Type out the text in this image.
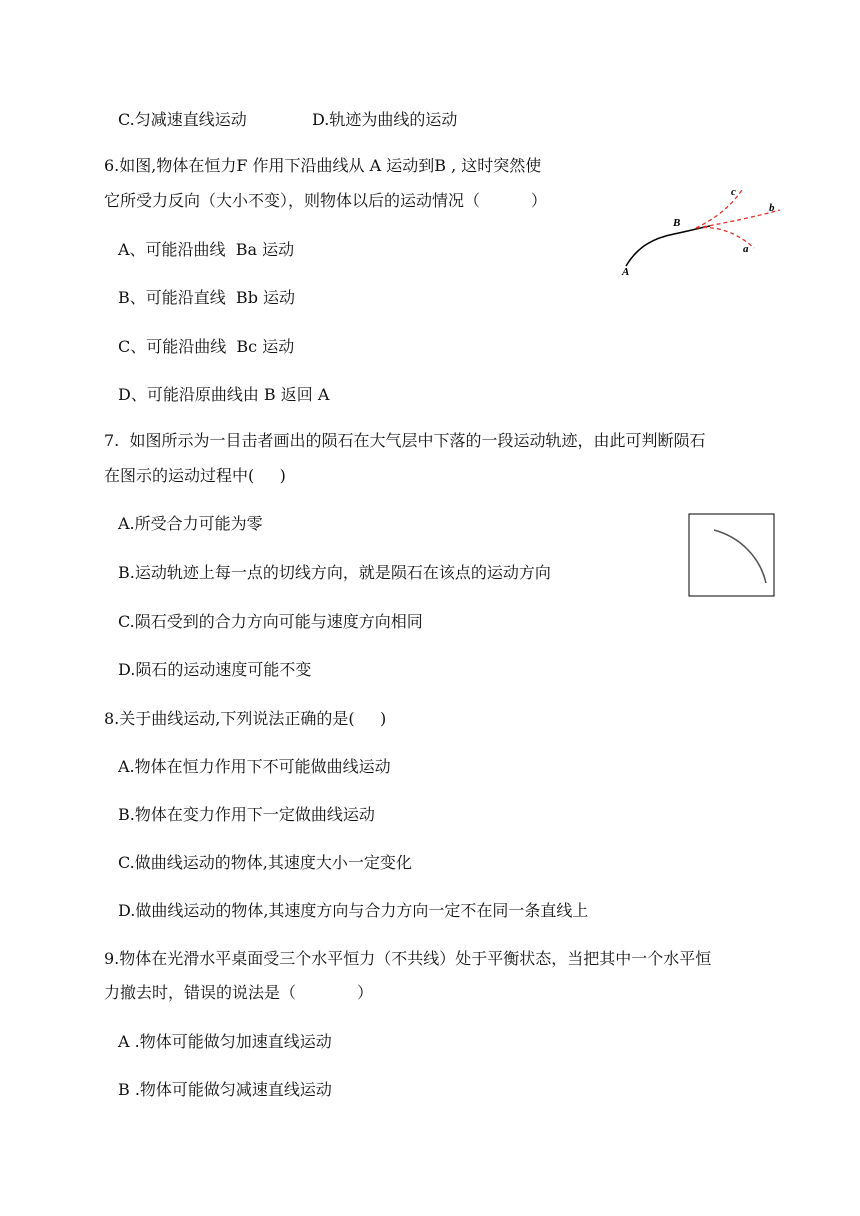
C.匀减速直线运动	D.轨迹为曲线的运动
6.如图,物体在恒力F 作用下沿曲线从 A 运动到B , 这时突然使
它所受力反向（大小不变），则物体以后的运动情况（          ）
A、可能沿曲线  Ba 运动
B、可能沿直线  Bb 运动
C、可能沿曲线  Bc 运动
D、可能沿原曲线由 B 返回 A
A
B
c
b
a
7.  如图所示为一目击者画出的陨石在大气层中下落的一段运动轨迹，由此可判断陨石
在图示的运动过程中(     )
A.所受合力可能为零
B.运动轨迹上每一点的切线方向，就是陨石在该点的运动方向
C.陨石受到的合力方向可能与速度方向相同
D.陨石的运动速度可能不变
8.关于曲线运动,下列说法正确的是(     )
A.物体在恒力作用下不可能做曲线运动
B.物体在变力作用下一定做曲线运动
C.做曲线运动的物体,其速度大小一定变化
D.做曲线运动的物体,其速度方向与合力方向一定不在同一条直线上
9.物体在光滑水平桌面受三个水平恒力（不共线）处于平衡状态，当把其中一个水平恒
力撤去时，错误的说法是（            ）
A .物体可能做匀加速直线运动
B .物体可能做匀减速直线运动
